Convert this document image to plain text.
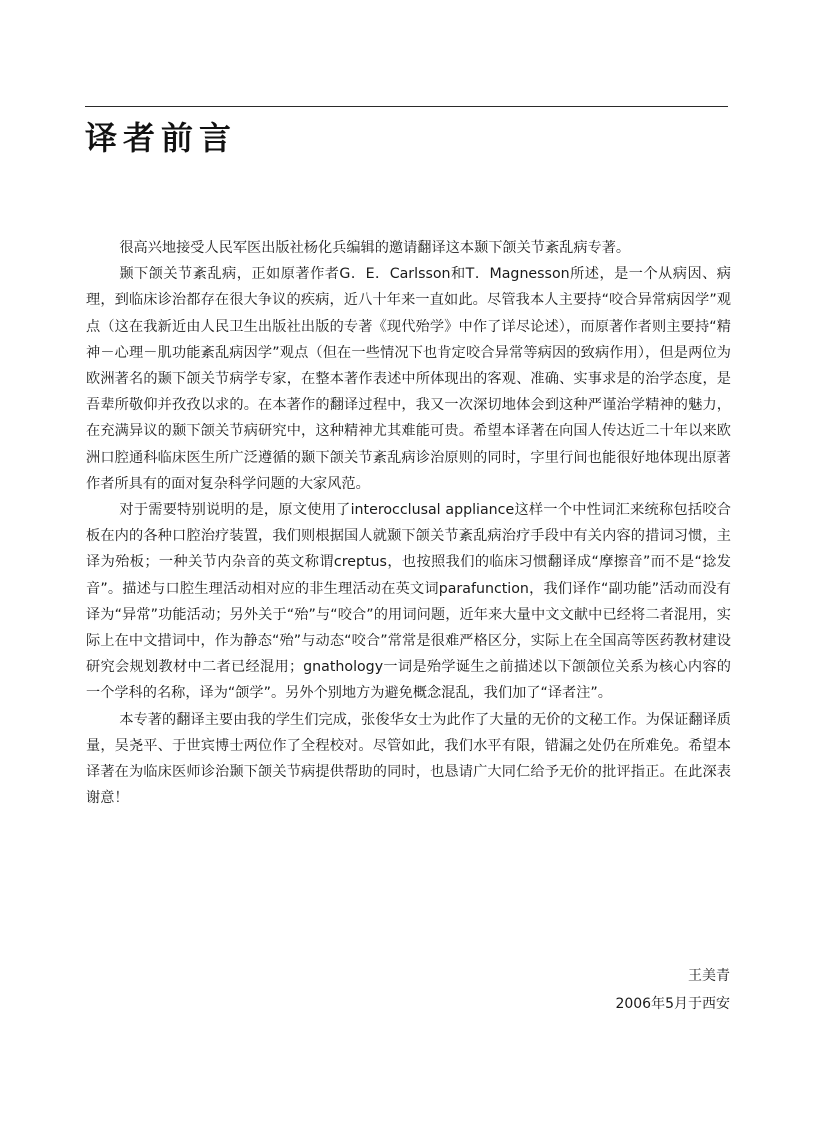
译者前言

很高兴地接受人民军医出版社杨化兵编辑的邀请翻译这本颞下颌关节紊乱病专著。

颞下颌关节紊乱病，正如原著作者G．E．Carlsson和T．Magnesson所述，是一个从病因、病理，到临床诊治都存在很大争议的疾病，近八十年来一直如此。尽管我本人主要持“咬合异常病因学”观点（这在我新近由人民卫生出版社出版的专著《现代殆学》中作了详尽论述），而原著作者则主要持“精神－心理－肌功能紊乱病因学”观点（但在一些情况下也肯定咬合异常等病因的致病作用），但是两位为欧洲著名的颞下颌关节病学专家，在整本著作表述中所体现出的客观、准确、实事求是的治学态度，是吾辈所敬仰并孜孜以求的。在本著作的翻译过程中，我又一次深切地体会到这种严谨治学精神的魅力，在充满异议的颞下颌关节病研究中，这种精神尤其难能可贵。希望本译著在向国人传达近二十年以来欧洲口腔通科临床医生所广泛遵循的颞下颌关节紊乱病诊治原则的同时，字里行间也能很好地体现出原著作者所具有的面对复杂科学问题的大家风范。

对于需要特别说明的是，原文使用了interocclusal appliance这样一个中性词汇来统称包括咬合板在内的各种口腔治疗装置，我们则根据国人就颞下颌关节紊乱病治疗手段中有关内容的措词习惯，主译为殆板；一种关节内杂音的英文称谓creptus，也按照我们的临床习惯翻译成“摩擦音”而不是“捻发音”。描述与口腔生理活动相对应的非生理活动在英文词parafunction，我们译作“副功能”活动而没有译为“异常”功能活动；另外关于“殆”与“咬合”的用词问题，近年来大量中文文献中已经将二者混用，实际上在中文措词中，作为静态“殆”与动态“咬合”常常是很难严格区分，实际上在全国高等医药教材建设研究会规划教材中二者已经混用；gnathology一词是殆学诞生之前描述以下颌颌位关系为核心内容的一个学科的名称，译为“颌学”。另外个别地方为避免概念混乱，我们加了“译者注”。

本专著的翻译主要由我的学生们完成，张俊华女士为此作了大量的无价的文秘工作。为保证翻译质量，吴尧平、于世宾博士两位作了全程校对。尽管如此，我们水平有限，错漏之处仍在所难免。希望本译著在为临床医师诊治颞下颌关节病提供帮助的同时，也恳请广大同仁给予无价的批评指正。在此深表谢意！

王美青
2006年5月于西安
